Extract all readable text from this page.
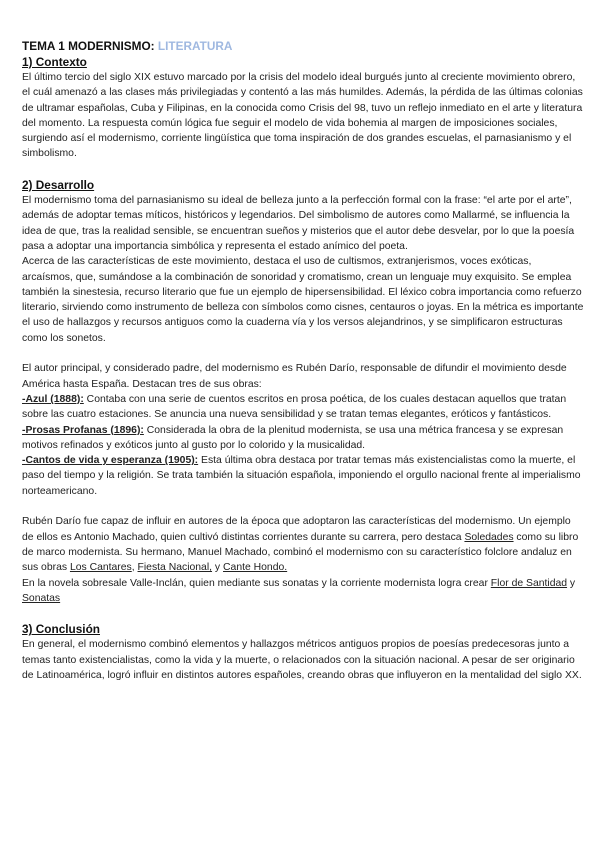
TEMA 1 MODERNISMO: LITERATURA
1) Contexto

El último tercio del siglo XIX estuvo marcado por la crisis del modelo ideal burgués junto al creciente movimiento obrero, el cuál amenazó a las clases más privilegiadas y contentó a las más humildes. Además, la pérdida de las últimas colonias de ultramar españolas, Cuba y Filipinas, en la conocida como Crisis del 98, tuvo un reflejo inmediato en el arte y literatura del momento. La respuesta común lógica fue seguir el modelo de vida bohemia al margen de imposiciones sociales, surgiendo así el modernismo, corriente lingüística que toma inspiración de dos grandes escuelas, el parnasianismo y el simbolismo.

2) Desarrollo

El modernismo toma del parnasianismo su ideal de belleza junto a la perfección formal con la frase: “el arte por el arte”, además de adoptar temas míticos, históricos y legendarios. Del simbolismo de autores como Mallarmé, se influencia la idea de que, tras la realidad sensible, se encuentran sueños y misterios que el autor debe desvelar, por lo que la poesía pasa a adoptar una importancia simbólica y representa el estado anímico del poeta.

Acerca de las características de este movimiento, destaca el uso de cultismos, extranjerismos, voces exóticas, arcaísmos, que, sumándose a la combinación de sonoridad y cromatismo, crean un lenguaje muy exquisito. Se emplea también la sinestesia, recurso literario que fue un ejemplo de hipersensibilidad. El léxico cobra importancia como refuerzo literario, sirviendo como instrumento de belleza con símbolos como cisnes, centauros o joyas. En la métrica es importante el uso de hallazgos y recursos antiguos como la cuaderna vía y los versos alejandrinos, y se simplificaron estructuras como los sonetos.

El autor principal, y considerado padre, del modernismo es Rubén Darío, responsable de difundir el movimiento desde América hasta España. Destacan tres de sus obras:

-Azul (1888): Contaba con una serie de cuentos escritos en prosa poética, de los cuales destacan aquellos que tratan sobre las cuatro estaciones. Se anuncia una nueva sensibilidad y se tratan temas elegantes, eróticos y fantásticos.

-Prosas Profanas (1896): Considerada la obra de la plenitud modernista, se usa una métrica francesa y se expresan motivos refinados y exóticos junto al gusto por lo colorido y la musicalidad.

-Cantos de vida y esperanza (1905): Esta última obra destaca por tratar temas más existencialistas como la muerte, el paso del tiempo y la religión. Se trata también la situación española, imponiendo el orgullo nacional frente al imperialismo norteamericano.

Rubén Darío fue capaz de influir en autores de la época que adoptaron las características del modernismo. Un ejemplo de ellos es Antonio Machado, quien cultivó distintas corrientes durante su carrera, pero destaca Soledades como su libro de marco modernista. Su hermano, Manuel Machado, combinó el modernismo con su característico folclore andaluz en sus obras Los Cantares, Fiesta Nacional, y Cante Hondo.

En la novela sobresale Valle-Inclán, quien mediante sus sonatas y la corriente modernista logra crear Flor de Santidad y Sonatas

3) Conclusión

En general, el modernismo combinó elementos y hallazgos métricos antiguos propios de poesías predecesoras junto a temas tanto existencialistas, como la vida y la muerte, o relacionados con la situación nacional. A pesar de ser originario de Latinoamérica, logró influir en distintos autores españoles, creando obras que influyeron en la mentalidad del siglo XX.
